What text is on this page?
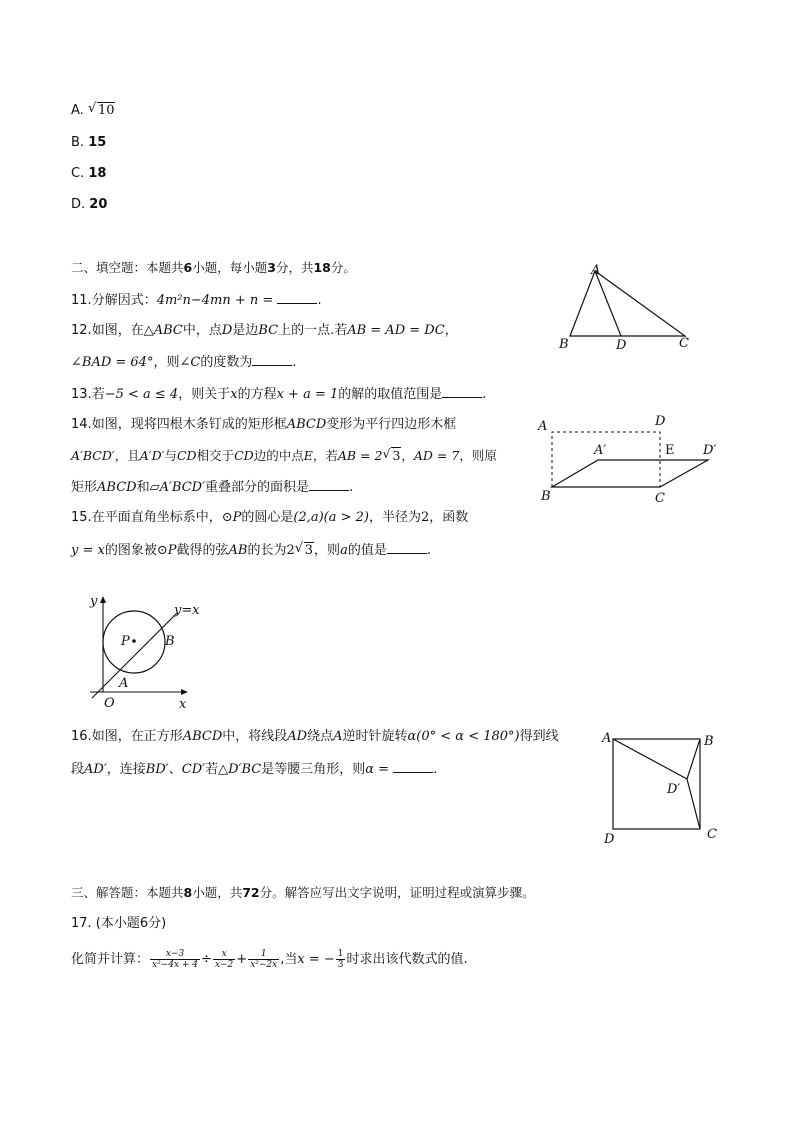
A. √ 10
B. 15
C. 18
D. 20
二、填空题：本题共6小题，每小题3分，共18分。
11.分解因式：4m²n−4mn + n =	.
12.如图，在△ABC中，点D是边BC上的一点.若AB = AD = DC，
∠BAD = 64°，则∠C的度数为	.
13.若−5 < a ≤ 4，则关于x的方程x + a = 1的解的取值范围是	.
14.如图，现将四根木条钉成的矩形框ABCD变形为平行四边形木框
A′BCD′，且A′D′与CD相交于CD边的中点E，若AB = 2 √ 3，AD = 7，则原
矩形ABCD和▱A′BCD′重叠部分的面积是	.
15.在平面直角坐标系中，⊙P的圆心是(2,a)(a > 2)，半径为2，函数
y = x的图象被⊙P截得的弦AB的长为2 √ 3，则a的值是	.
16.如图，在正方形ABCD中，将线段AD绕点A逆时针旋转α(0° < α < 180°)得到线
段AD′，连接BD′、CD′若△D′BC是等腰三角形，则α =	.
三、解答题：本题共8小题，共72分。解答应写出文字说明，证明过程或演算步骤。
17. (本小题6分)
化简并计算： $\frac{x-3}{\text{x²−4x + 4}} \div \frac{x}{x-2} + \frac{1}{\text{x²−2x}}$ ,当x = − $\frac{1}{3}$ 时求出该代数式的值.
A
B	D	C
A	D
A′	E D′
B	C
y
y=x
P	B
A
O	x
A	B
D′
D	C
